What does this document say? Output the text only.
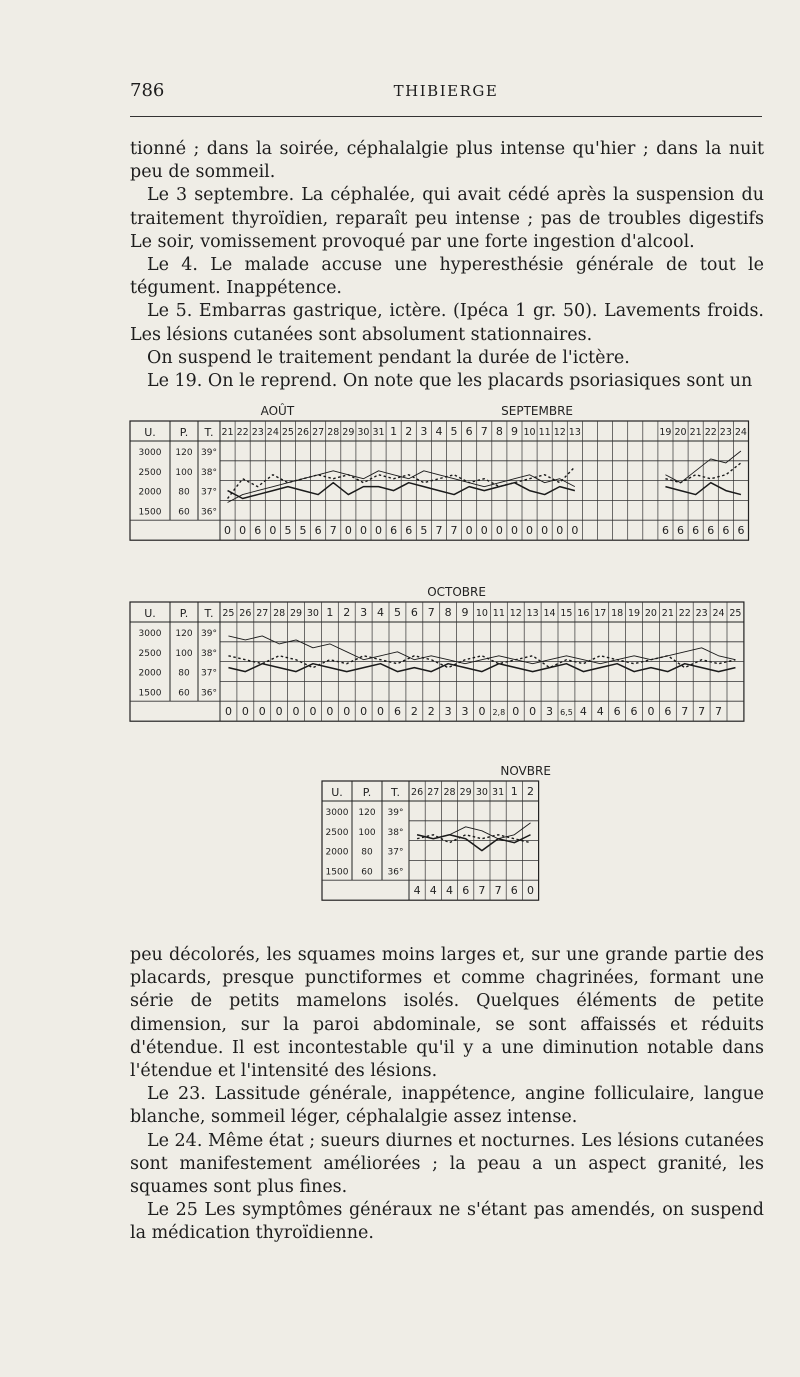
786	THIBIERGE

tionné ; dans la soirée, céphalalgie plus intense qu'hier ; dans la nuit peu de sommeil.

Le 3 septembre. La céphalée, qui avait cédé après la suspension du traitement thyroïdien, reparaît peu intense ; pas de troubles digestifs Le soir, vomissement provoqué par une forte ingestion d'alcool.

Le 4. Le malade accuse une hyperesthésie générale de tout le tégument. Inappétence.

Le 5. Embarras gastrique, ictère. (Ipéca 1 gr. 50). Lavements froids. Les lésions cutanées sont absolument stationnaires.

On suspend le traitement pendant la durée de l'ictère.

Le 19. On le reprend. On note que les placards psoriasiques sont un

AOÛT	SEPTEMBRE
U. P. T.
3000
2500
2000
1500
120
100
80
60
39°
38°
37°
36°
21
0
22
0
23
6
24
0
25
5
26
5
27
6
28
7
29
0
30
0
31
0
1
6
2
6
3
5
4
7
5
7
6
0
7
0
8
0
9
0
10
0
11
0
12
0
13
0
19
6
20
6
21
6
22
6
23
6
24
6
OCTOBRE
U. P. T.
3000
2500
2000
1500
120
100
80
60
39°
38°
37°
36°
25
0
26
0
27
0
28
0
29
0
30
0
1
0
2
0
3
0
4
0
5
6
6
2
7
2
8
3
9
3
10
0
11
2,8
12
0
13
0
14
3
15
6,5
16
4
17
4
18
6
19
6
20
0
21
6
22
7
23
7
24
7
25
NOVBRE
U. P. T.
3000
2500
2000
1500
120
100
80
60
39°
38°
37°
36°
26
4
27
4
28
4
29
6
30
7
31
7
1
6
2
0

peu décolorés, les squames moins larges et, sur une grande partie des placards, presque punctiformes et comme chagrinées, formant une série de petits mamelons isolés. Quelques éléments de petite dimension, sur la paroi abdominale, se sont affaissés et réduits d'étendue. Il est incontestable qu'il y a une diminution notable dans l'étendue et l'intensité des lésions.

Le 23. Lassitude générale, inappétence, angine folliculaire, langue blanche, sommeil léger, céphalalgie assez intense.

Le 24. Même état ; sueurs diurnes et nocturnes. Les lésions cutanées sont manifestement améliorées ; la peau a un aspect granité, les squames sont plus fines.

Le 25 Les symptômes généraux ne s'étant pas amendés, on suspend la médication thyroïdienne.
